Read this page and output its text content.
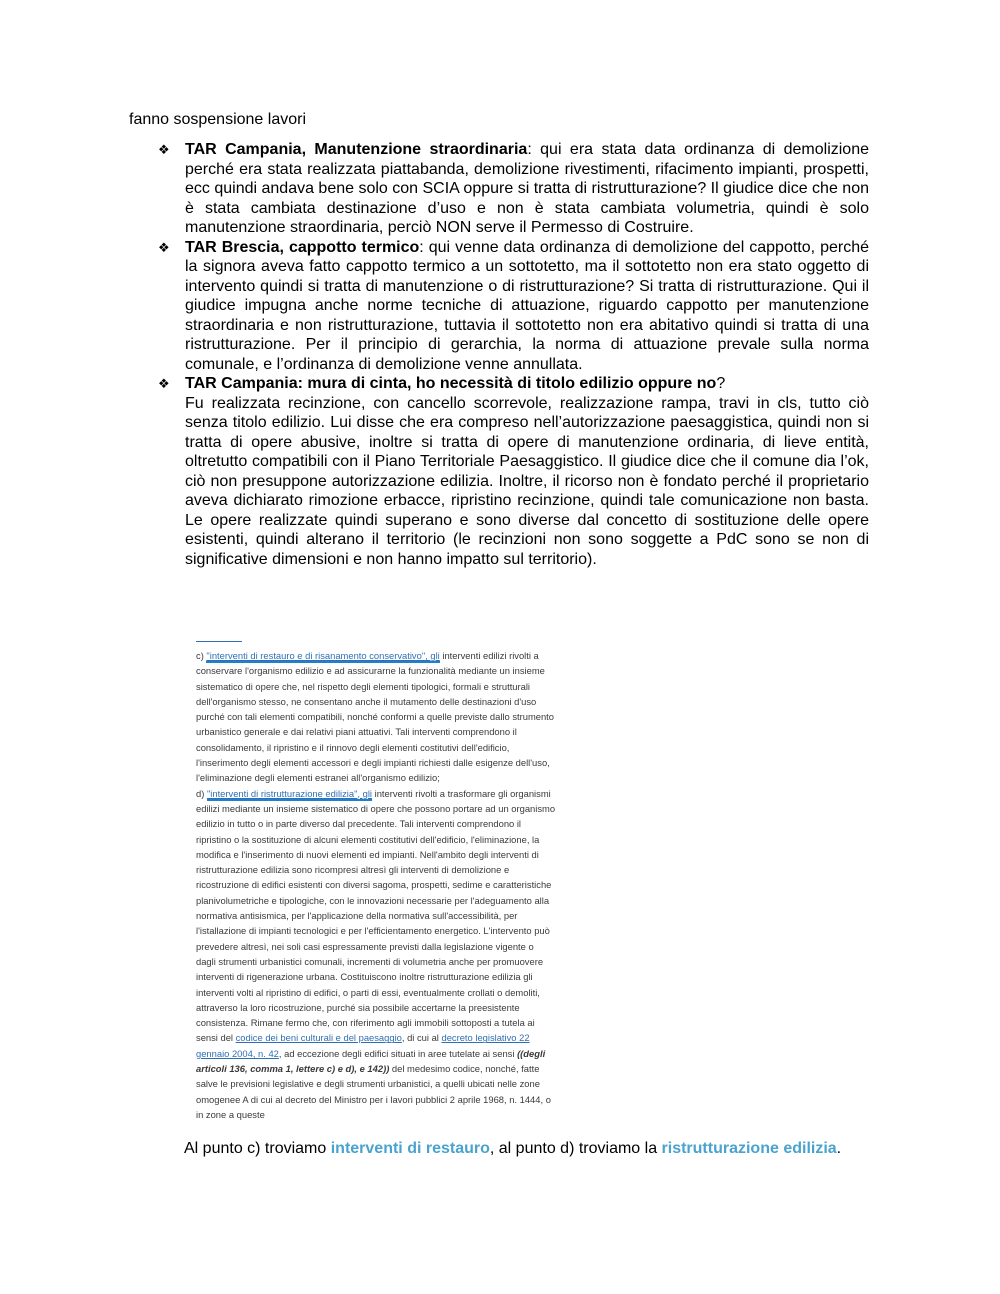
fanno sospensione lavori

❖ TAR Campania, Manutenzione straordinaria: qui era stata data ordinanza di demolizione perché era stata realizzata piattabanda, demolizione rivestimenti, rifacimento impianti, prospetti, ecc quindi andava bene solo con SCIA oppure si tratta di ristrutturazione? Il giudice dice che non è stata cambiata destinazione d’uso e non è stata cambiata volumetria, quindi è solo manutenzione straordinaria, perciò NON serve il Permesso di Costruire.
❖ TAR Brescia, cappotto termico: qui venne data ordinanza di demolizione del cappotto, perché la signora aveva fatto cappotto termico a un sottotetto, ma il sottotetto non era stato oggetto di intervento quindi si tratta di manutenzione o di ristrutturazione? Si tratta di ristrutturazione. Qui il giudice impugna anche norme tecniche di attuazione, riguardo cappotto per manutenzione straordinaria e non ristrutturazione, tuttavia il sottotetto non era abitativo quindi si tratta di una ristrutturazione. Per il principio di gerarchia, la norma di attuazione prevale sulla norma comunale, e l’ordinanza di demolizione venne annullata.
❖ TAR Campania: mura di cinta, ho necessità di titolo edilizio oppure no?
Fu realizzata recinzione, con cancello scorrevole, realizzazione rampa, travi in cls, tutto ciò senza titolo edilizio. Lui disse che era compreso nell’autorizzazione paesaggistica, quindi non si tratta di opere abusive, inoltre si tratta di opere di manutenzione ordinaria, di lieve entità, oltretutto compatibili con il Piano Territoriale Paesaggistico. Il giudice dice che il comune dia l’ok, ciò non presuppone autorizzazione edilizia. Inoltre, il ricorso non è fondato perché il proprietario aveva dichiarato rimozione erbacce, ripristino recinzione, quindi tale comunicazione non basta. Le opere realizzate quindi superano e sono diverse dal concetto di sostituzione delle opere esistenti, quindi alterano il territorio (le recinzioni non sono soggette a PdC sono se non di significative dimensioni e non hanno impatto sul territorio).

c) "interventi di restauro e di risanamento conservativo", gli interventi edilizi rivolti a conservare l'organismo edilizio e ad assicurarne la funzionalità mediante un insieme sistematico di opere che, nel rispetto degli elementi tipologici, formali e strutturali dell'organismo stesso, ne consentano anche il mutamento delle destinazioni d'uso purché con tali elementi compatibili, nonché conformi a quelle previste dallo strumento urbanistico generale e dai relativi piani attuativi. Tali interventi comprendono il consolidamento, il ripristino e il rinnovo degli elementi costitutivi dell'edificio, l'inserimento degli elementi accessori e degli impianti richiesti dalle esigenze dell'uso, l'eliminazione degli elementi estranei all'organismo edilizio;
d) "interventi di ristrutturazione edilizia", gli interventi rivolti a trasformare gli organismi edilizi mediante un insieme sistematico di opere che possono portare ad un organismo edilizio in tutto o in parte diverso dal precedente. Tali interventi comprendono il ripristino o la sostituzione di alcuni elementi costitutivi dell'edificio, l'eliminazione, la modifica e l'inserimento di nuovi elementi ed impianti. Nell'ambito degli interventi di ristrutturazione edilizia sono ricompresi altresì gli interventi di demolizione e ricostruzione di edifici esistenti con diversi sagoma, prospetti, sedime e caratteristiche planivolumetriche e tipologiche, con le innovazioni necessarie per l'adeguamento alla normativa antisismica, per l'applicazione della normativa sull'accessibilità, per l'istallazione di impianti tecnologici e per l'efficientamento energetico. L'intervento può prevedere altresì, nei soli casi espressamente previsti dalla legislazione vigente o dagli strumenti urbanistici comunali, incrementi di volumetria anche per promuovere interventi di rigenerazione urbana. Costituiscono inoltre ristrutturazione edilizia gli interventi volti al ripristino di edifici, o parti di essi, eventualmente crollati o demoliti, attraverso la loro ricostruzione, purché sia possibile accertarne la preesistente consistenza. Rimane fermo che, con riferimento agli immobili sottoposti a tutela ai sensi del codice dei beni culturali e del paesaggio, di cui al decreto legislativo 22 gennaio 2004, n. 42, ad eccezione degli edifici situati in aree tutelate ai sensi ((degli articoli 136, comma 1, lettere c) e d), e 142)) del medesimo codice, nonché, fatte salve le previsioni legislative e degli strumenti urbanistici, a quelli ubicati nelle zone omogenee A di cui al decreto del Ministro per i lavori pubblici 2 aprile 1968, n. 1444, o in zone a queste

Al punto c) troviamo interventi di restauro, al punto d) troviamo la ristrutturazione edilizia.
